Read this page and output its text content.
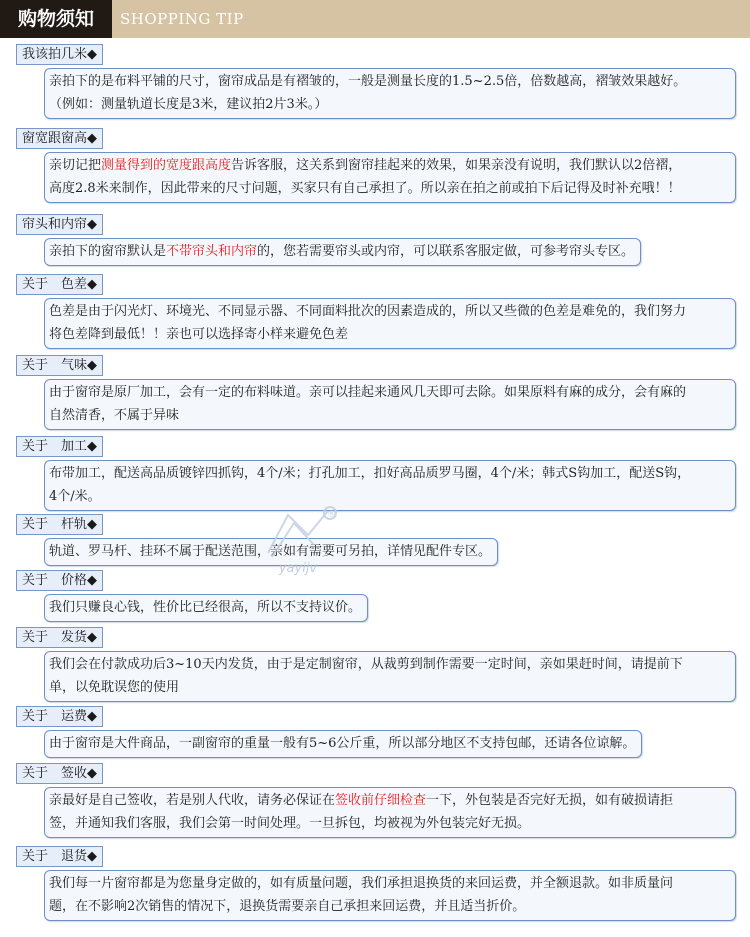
购物须知	SHOPPING TIP
我该拍几米◆
亲拍下的是布料平铺的尺寸，窗帘成品是有褶皱的，一般是测量长度的1.5~2.5倍，倍数越高，褶皱效果越好。
（例如：测量轨道长度是3米，建议拍2片3米。）
窗宽跟窗高◆
亲切记把测量得到的宽度跟高度告诉客服，这关系到窗帘挂起来的效果，如果亲没有说明，我们默认以2倍褶，
高度2.8米来制作，因此带来的尺寸问题，买家只有自己承担了。所以亲在拍之前或拍下后记得及时补充哦！！
帘头和内帘◆
亲拍下的窗帘默认是不带帘头和内帘的，您若需要帘头或内帘，可以联系客服定做，可参考帘头专区。
关于　色差◆
色差是由于闪光灯、环境光、不同显示器、不同面料批次的因素造成的，所以又些微的色差是难免的，我们努力
将色差降到最低！！亲也可以选择寄小样来避免色差
关于　气味◆
由于窗帘是原厂加工，会有一定的布料味道。亲可以挂起来通风几天即可去除。如果原料有麻的成分，会有麻的
自然清香，不属于异味
关于　加工◆
布带加工，配送高品质镀锌四抓钩，4个/米；打孔加工，扣好高品质罗马圈，4个/米；韩式S钩加工，配送S钩，
4个/米。
关于　杆轨◆
轨道、罗马杆、挂环不属于配送范围，亲如有需要可另拍，详情见配件专区。
关于　价格◆
我们只赚良心钱，性价比已经很高，所以不支持议价。
关于　发货◆
我们会在付款成功后3~10天内发货，由于是定制窗帘，从裁剪到制作需要一定时间，亲如果赶时间，请提前下
单，以免耽误您的使用
关于　运费◆
由于窗帘是大件商品，一副窗帘的重量一般有5~6公斤重，所以部分地区不支持包邮，还请各位谅解。
关于　签收◆
亲最好是自己签收，若是别人代收，请务必保证在签收前仔细检查一下，外包装是否完好无损，如有破损请拒
签，并通知我们客服，我们会第一时间处理。一旦拆包，均被视为外包装完好无损。
关于　退货◆
我们每一片窗帘都是为您量身定做的，如有质量问题，我们承担退换货的来回运费，并全额退款。如非质量问
题，在不影响2次销售的情况下，退换货需要亲自己承担来回运费，并且适当折价。
®
yayijv
